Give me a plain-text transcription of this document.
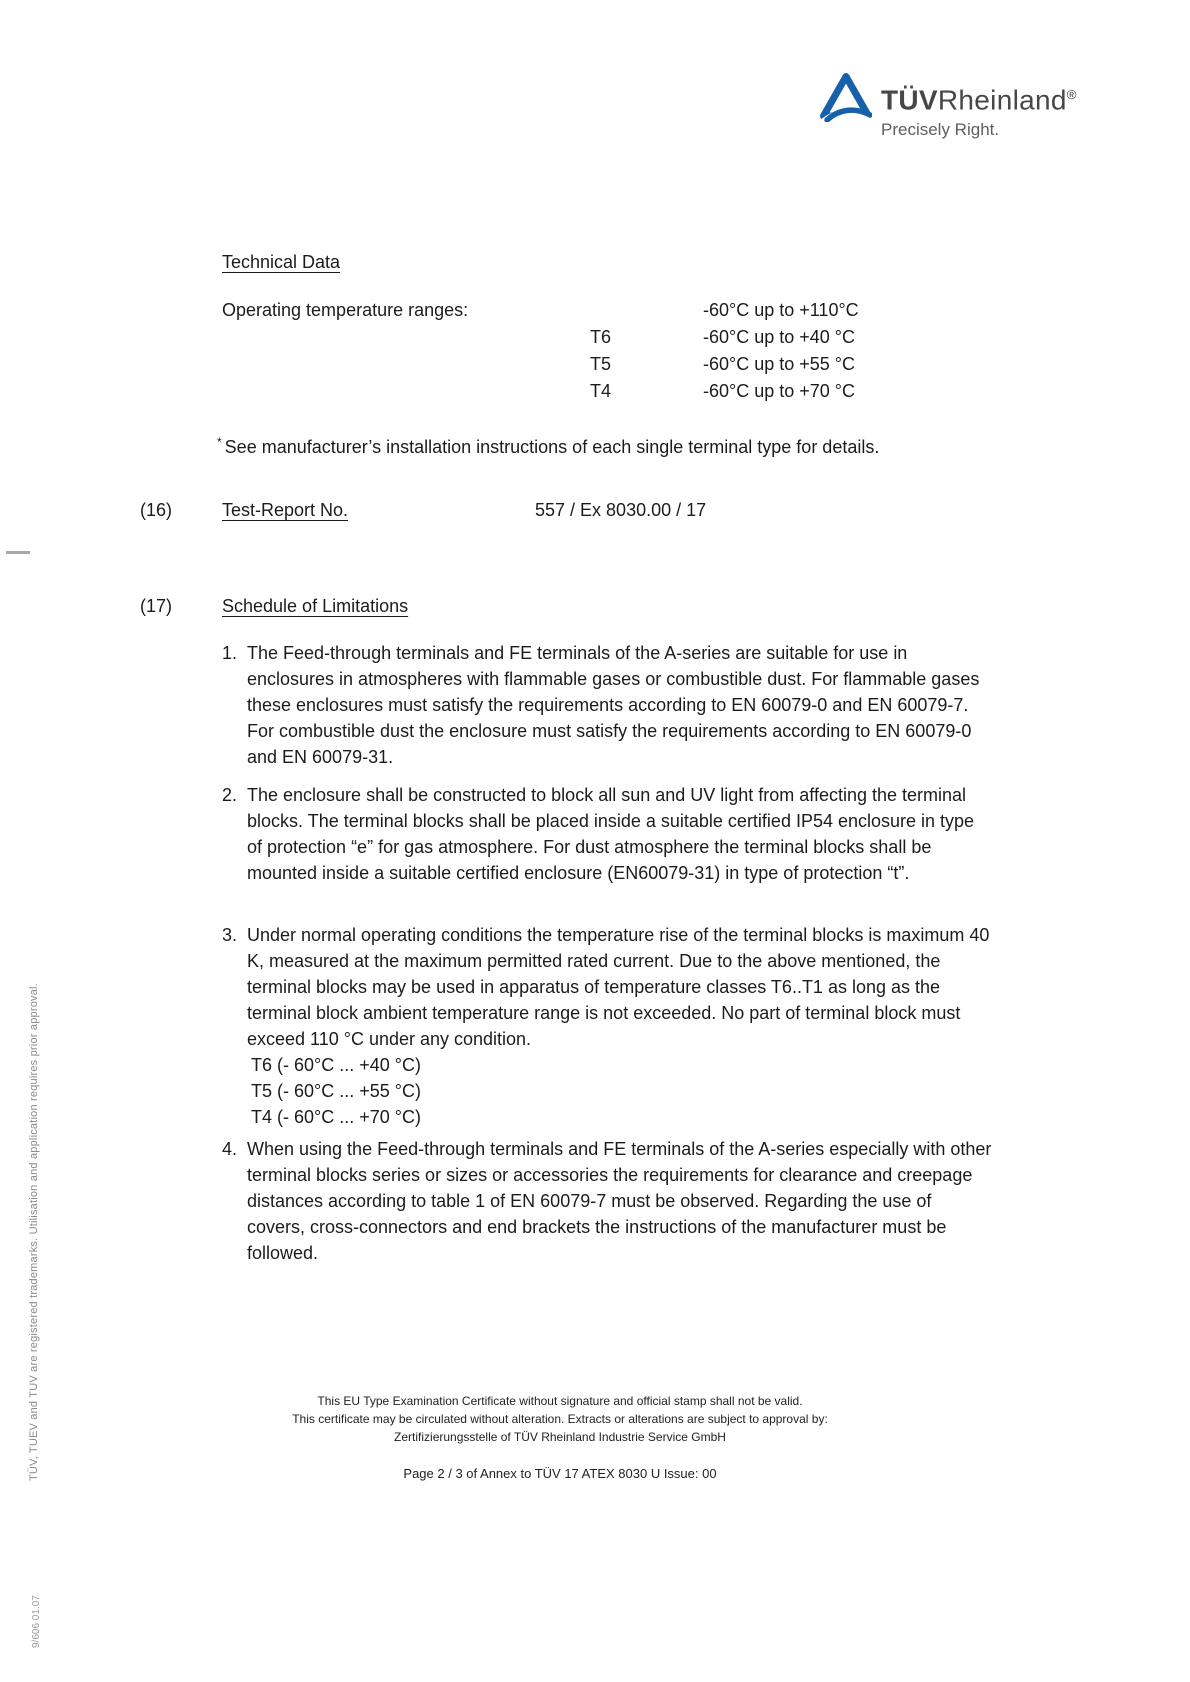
TÜVRheinland®
Precisely Right.
Technical Data
Operating temperature ranges:	-60°C up to +110°C
T6	-60°C up to +40 °C
T5	-60°C up to +55 °C
T4	-60°C up to +70 °C
* See manufacturer’s installation instructions of each single terminal type for details.
(16)	Test-Report No.	557 / Ex 8030.00 / 17
(17)	Schedule of Limitations
1. The Feed-through terminals and FE terminals of the A-series are suitable for use in enclosures in atmospheres with flammable gases or combustible dust. For flammable gases these enclosures must satisfy the requirements according to EN 60079-0 and EN 60079-7. For combustible dust the enclosure must satisfy the requirements according to EN 60079-0 and EN 60079-31.
2. The enclosure shall be constructed to block all sun and UV light from affecting the terminal blocks. The terminal blocks shall be placed inside a suitable certified IP54 enclosure in type of protection “e” for gas atmosphere. For dust atmosphere the terminal blocks shall be mounted inside a suitable certified enclosure (EN60079-31) in type of protection “t”.
3. Under normal operating conditions the temperature rise of the terminal blocks is maximum 40 K, measured at the maximum permitted rated current. Due to the above mentioned, the terminal blocks may be used in apparatus of temperature classes T6..T1 as long as the terminal block ambient temperature range is not exceeded. No part of terminal block must exceed 110 °C under any condition.
T6 (- 60°C ... +40 °C)
T5 (- 60°C ... +55 °C)
T4 (- 60°C ... +70 °C)
4. When using the Feed-through terminals and FE terminals of the A-series especially with other terminal blocks series or sizes or accessories the requirements for clearance and creepage distances according to table 1 of EN 60079-7 must be observed. Regarding the use of covers, cross-connectors and end brackets the instructions of the manufacturer must be followed.
This EU Type Examination Certificate without signature and official stamp shall not be valid.
This certificate may be circulated without alteration. Extracts or alterations are subject to approval by:
Zertifizierungsstelle of TÜV Rheinland Industrie Service GmbH
Page 2 / 3 of Annex to TÜV 17 ATEX 8030 U Issue: 00
TÜV, TUEV and TUV are registered trademarks. Utilisation and application requires prior approval.
9/606 01.07
